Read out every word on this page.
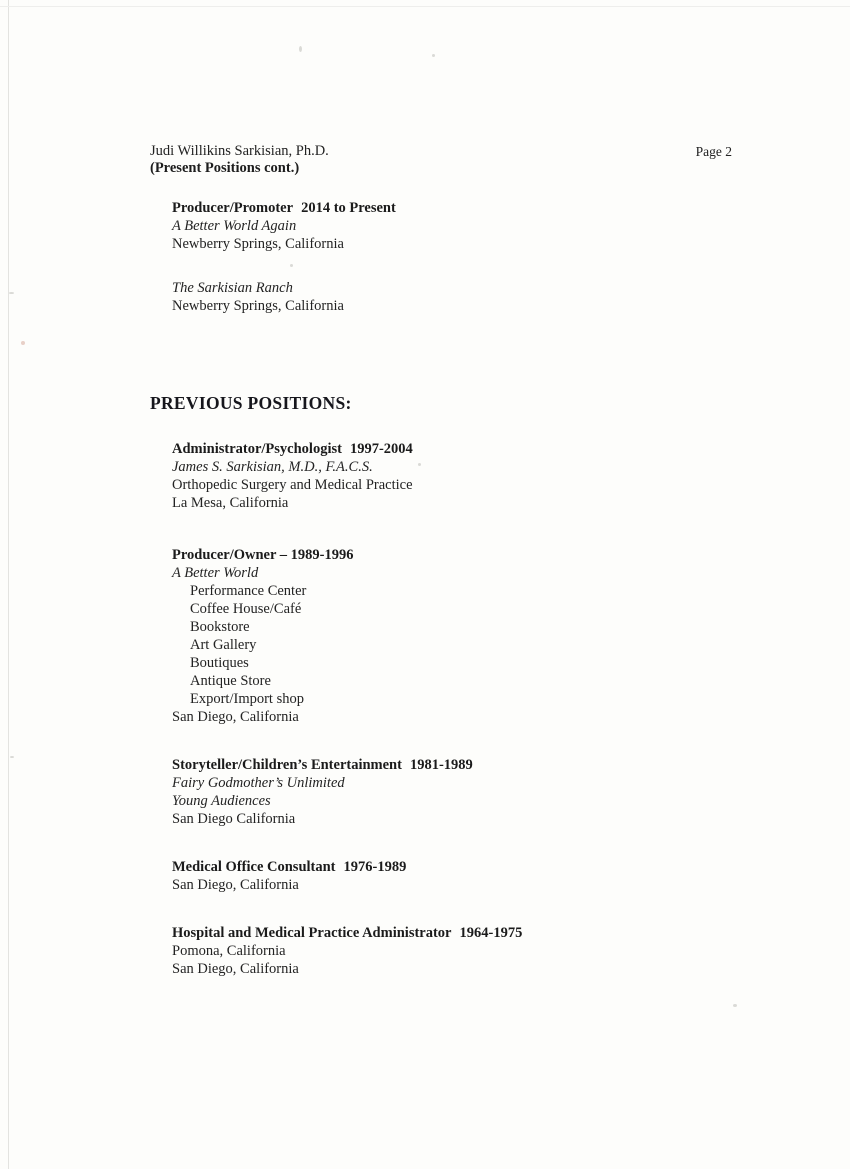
Judi Willikins Sarkisian, Ph.D.
(Present Positions cont.)
Page 2
Producer/Promoter 2014 to Present
A Better World Again
Newberry Springs, California
The Sarkisian Ranch
Newberry Springs, California
PREVIOUS POSITIONS:
Administrator/Psychologist 1997-2004
James S. Sarkisian, M.D., F.A.C.S.
Orthopedic Surgery and Medical Practice
La Mesa, California
Producer/Owner – 1989-1996
A Better World
Performance Center
Coffee House/Café
Bookstore
Art Gallery
Boutiques
Antique Store
Export/Import shop
San Diego, California
Storyteller/Children’s Entertainment 1981-1989
Fairy Godmother’s Unlimited
Young Audiences
San Diego California
Medical Office Consultant 1976-1989
San Diego, California
Hospital and Medical Practice Administrator 1964-1975
Pomona, California
San Diego, California
